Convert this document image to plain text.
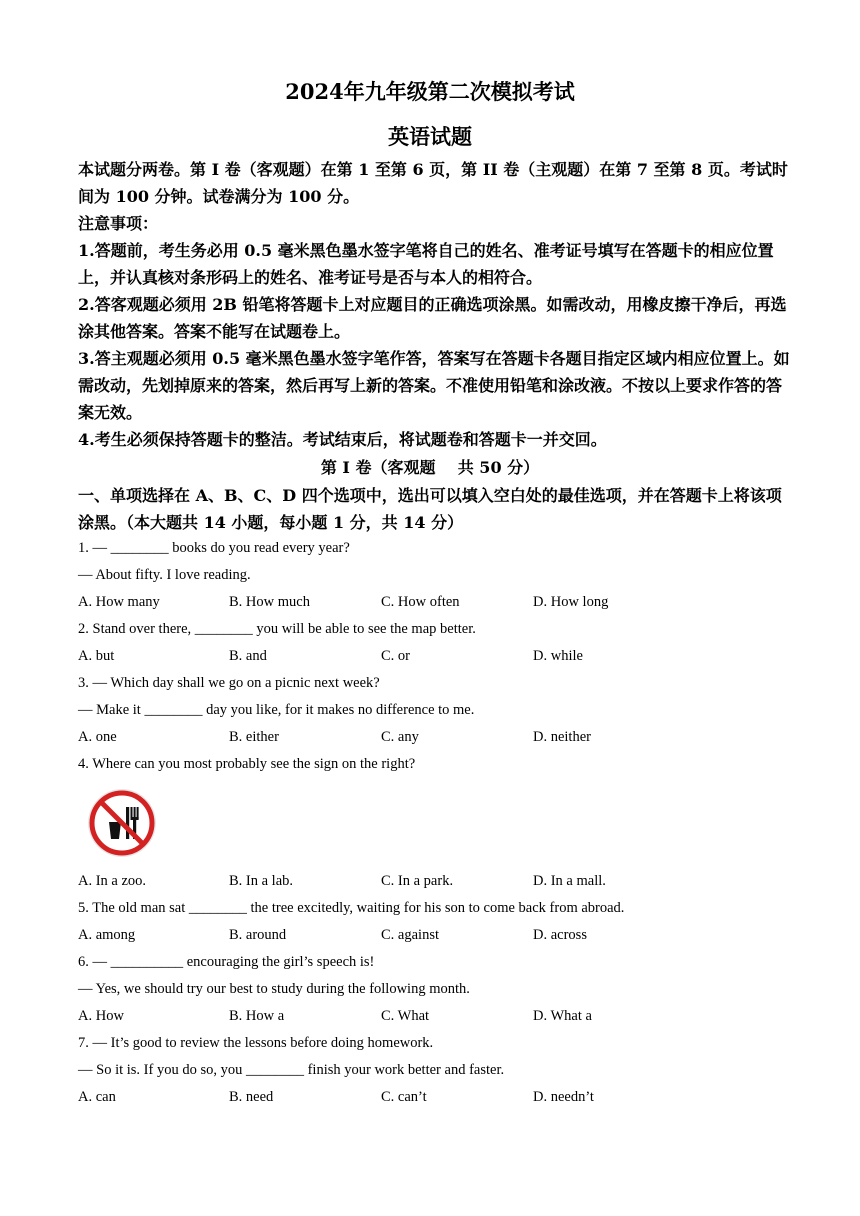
2024年九年级第二次模拟考试
英语试题

本试题分两卷。第 I 卷（客观题）在第 1 至第 6 页，第 II 卷（主观题）在第 7 至第 8 页。考试时间为 100 分钟。试卷满分为 100 分。

注意事项：

1.答题前，考生务必用 0.5 毫米黑色墨水签字笔将自己的姓名、准考证号填写在答题卡的相应位置上，并认真核对条形码上的姓名、准考证号是否与本人的相符合。

2.答客观题必须用 2B 铅笔将答题卡上对应题目的正确选项涂黑。如需改动，用橡皮擦干净后，再选涂其他答案。答案不能写在试题卷上。

3.答主观题必须用 0.5 毫米黑色墨水签字笔作答，答案写在答题卡各题目指定区域内相应位置上。如需改动，先划掉原来的答案，然后再写上新的答案。不准使用铅笔和涂改液。不按以上要求作答的答案无效。

4.考生必须保持答题卡的整洁。考试结束后，将试题卷和答题卡一并交回。

第 I 卷（客观题    共 50 分）
一、单项选择在 A、B、C、D 四个选项中，选出可以填入空白处的最佳选项，并在答题卡上将该项涂黑。（本大题共 14 小题，每小题 1 分，共 14 分）
1. — ________ books do you read every year?
— About fifty. I love reading.
A. How many	B. How much	C. How often	D. How long
2. Stand over there, ________ you will be able to see the map better.
A. but	B. and	C. or	D. while
3. — Which day shall we go on a picnic next week?
— Make it ________ day you like, for it makes no difference to me.
A. one	B. either	C. any	D. neither
4. Where can you most probably see the sign on the right?
A. In a zoo.	B. In a lab.	C. In a park.	D. In a mall.
5. The old man sat ________ the tree excitedly, waiting for his son to come back from abroad.
A. among	B. around	C. against	D. across
6. — __________ encouraging the girl’s speech is!
— Yes, we should try our best to study during the following month.
A. How	B. How a	C. What	D. What a
7. — It’s good to review the lessons before doing homework.
— So it is. If you do so, you ________ finish your work better and faster.
A. can	B. need	C. can’t	D. needn’t
